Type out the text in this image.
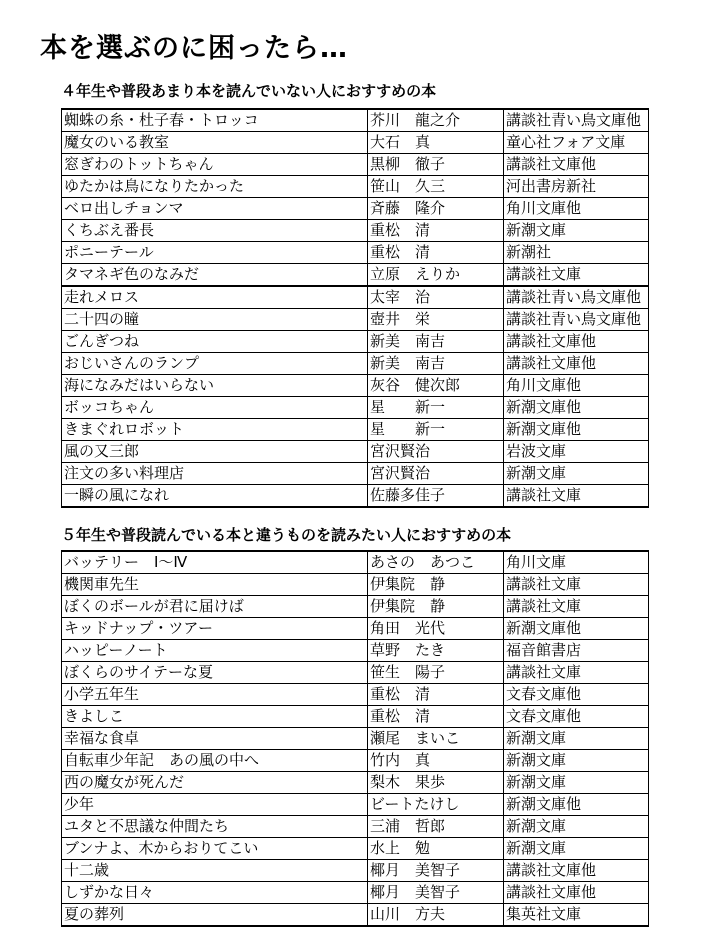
本を選ぶのに困ったら…
４年生や普段あまり本を読んでいない人におすすめの本
蜘蛛の糸・杜子春・トロッコ	芥川　龍之介	講談社青い鳥文庫他
魔女のいる教室	大石　真	童心社フォア文庫
窓ぎわのトットちゃん	黒柳　徹子	講談社文庫他
ゆたかは鳥になりたかった	笹山　久三	河出書房新社
ベロ出しチョンマ	斉藤　隆介	角川文庫他
くちぶえ番長	重松　清	新潮文庫
ポニーテール	重松　清	新潮社
タマネギ色のなみだ	立原　えりか	講談社文庫
走れメロス	太宰　治	講談社青い鳥文庫他
二十四の瞳	壺井　栄	講談社青い鳥文庫他
ごんぎつね	新美　南吉	講談社文庫他
おじいさんのランプ	新美　南吉	講談社文庫他
海になみだはいらない	灰谷　健次郎	角川文庫他
ボッコちゃん	星　　新一	新潮文庫他
きまぐれロボット	星　　新一	新潮文庫他
風の又三郎	宮沢賢治	岩波文庫
注文の多い料理店	宮沢賢治	新潮文庫
一瞬の風になれ	佐藤多佳子	講談社文庫
５年生や普段読んでいる本と違うものを読みたい人におすすめの本
バッテリー　Ⅰ～Ⅳ	あさの　あつこ	角川文庫
機関車先生	伊集院　静	講談社文庫
ぼくのボールが君に届けば	伊集院　静	講談社文庫
キッドナップ・ツアー	角田　光代	新潮文庫他
ハッピーノート	草野　たき	福音館書店
ぼくらのサイテーな夏	笹生　陽子	講談社文庫
小学五年生	重松　清	文春文庫他
きよしこ	重松　清	文春文庫他
幸福な食卓	瀬尾　まいこ	新潮文庫
自転車少年記　あの風の中へ	竹内　真	新潮文庫
西の魔女が死んだ	梨木　果歩	新潮文庫
少年	ビートたけし	新潮文庫他
ユタと不思議な仲間たち	三浦　哲郎	新潮文庫
ブンナよ、木からおりてこい	水上　勉	新潮文庫
十二歳	椰月　美智子	講談社文庫他
しずかな日々	椰月　美智子	講談社文庫他
夏の葬列	山川　方夫	集英社文庫
